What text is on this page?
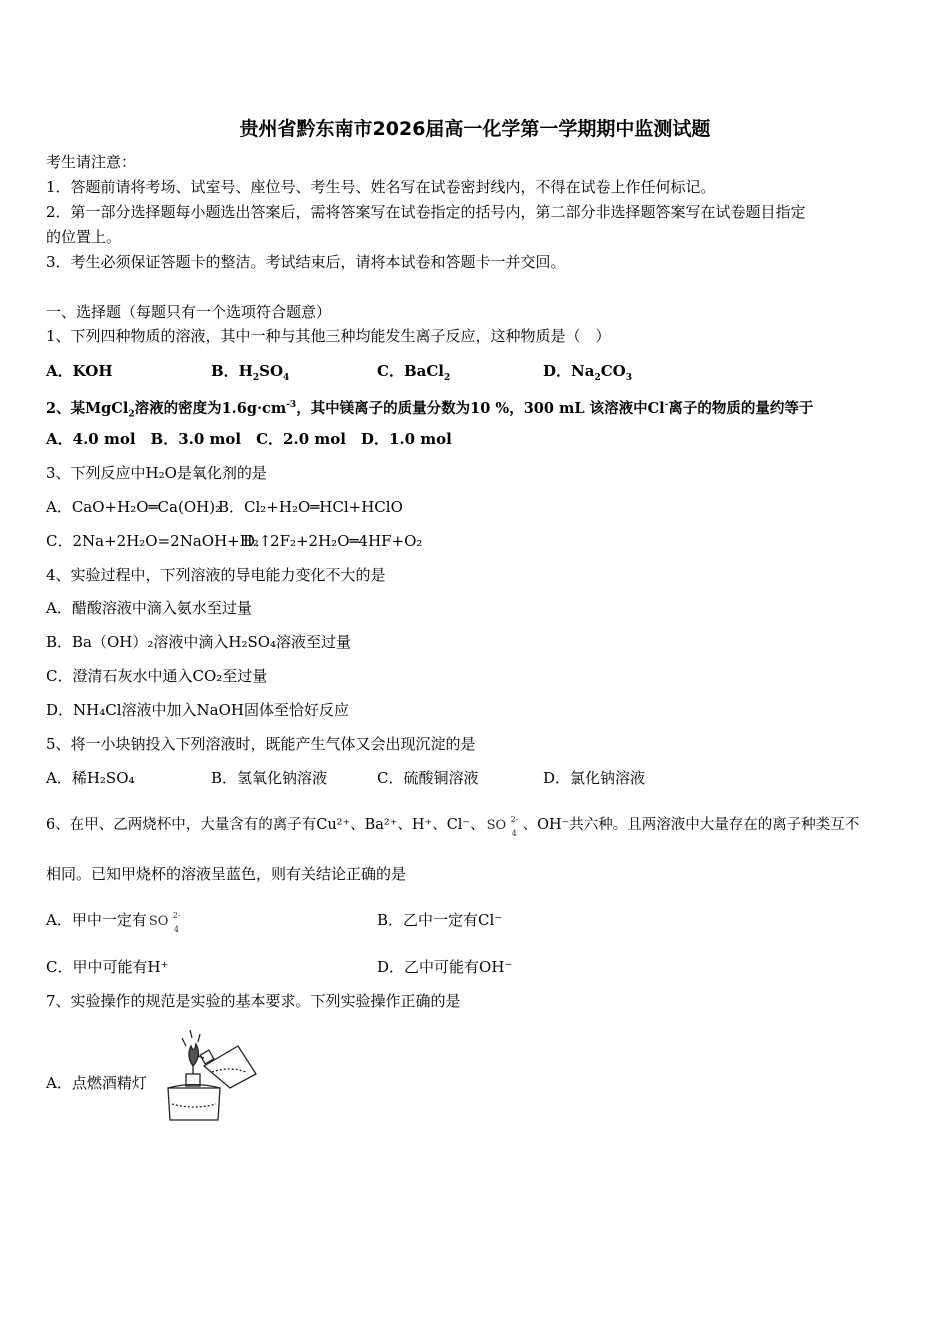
贵州省黔东南市2026届高一化学第一学期期中监测试题
考生请注意：
1．答题前请将考场、试室号、座位号、考生号、姓名写在试卷密封线内，不得在试卷上作任何标记。
2．第一部分选择题每小题选出答案后，需将答案写在试卷指定的括号内，第二部分非选择题答案写在试卷题目指定
的位置上。
3．考生必须保证答题卡的整洁。考试结束后，请将本试卷和答题卡一并交回。
一、选择题（每题只有一个选项符合题意）
1、下列四种物质的溶液，其中一种与其他三种均能发生离子反应，这种物质是（　）
A．KOH	B．$H_2SO_4$	C．BaCl$_2$	D．$Na_2CO_3$
2、某MgCl$_2$溶液的密度为$1.6g\cdot cm^{-3}$，其中镁离子的质量分数为10 %，300 mL 该溶液中Cl-离子的物质的量约等于
A．4.0 mol　B．3.0 mol　C．2.0 mol　D．1.0 mol
3、下列反应中H₂O是氧化剂的是
A．CaO+H₂O═Ca(OH)₂
B．Cl₂+H₂O═HCl+HClO
C．2Na+2H₂O=2NaOH+H₂↑
D．2F₂+2H₂O═4HF+O₂
4、实验过程中，下列溶液的导电能力变化不大的是
A．醋酸溶液中滴入氨水至过量
B．Ba（OH）₂溶液中滴入H₂SO₄溶液至过量
C．澄清石灰水中通入CO₂至过量
D．NH₄Cl溶液中加入NaOH固体至恰好反应
5、将一小块钠投入下列溶液时，既能产生气体又会出现沉淀的是
A．稀H₂SO₄	B．氢氧化钠溶液	C．硫酸铜溶液	D．氯化钠溶液
6、在甲、乙两烧杯中，大量含有的离子有Cu²⁺、Ba²⁺、H⁺、Cl⁻、 SO 2-
4
、OH⁻共六种。且两溶液中大量存在的离子种类互不
相同。已知甲烧杯的溶液呈蓝色，则有关结论正确的是
A．甲中一定有 SO 2-
4
B．乙中一定有Cl⁻
C．甲中可能有H⁺	D．乙中可能有OH⁻
7、实验操作的规范是实验的基本要求。下列实验操作正确的是
A．点燃酒精灯
